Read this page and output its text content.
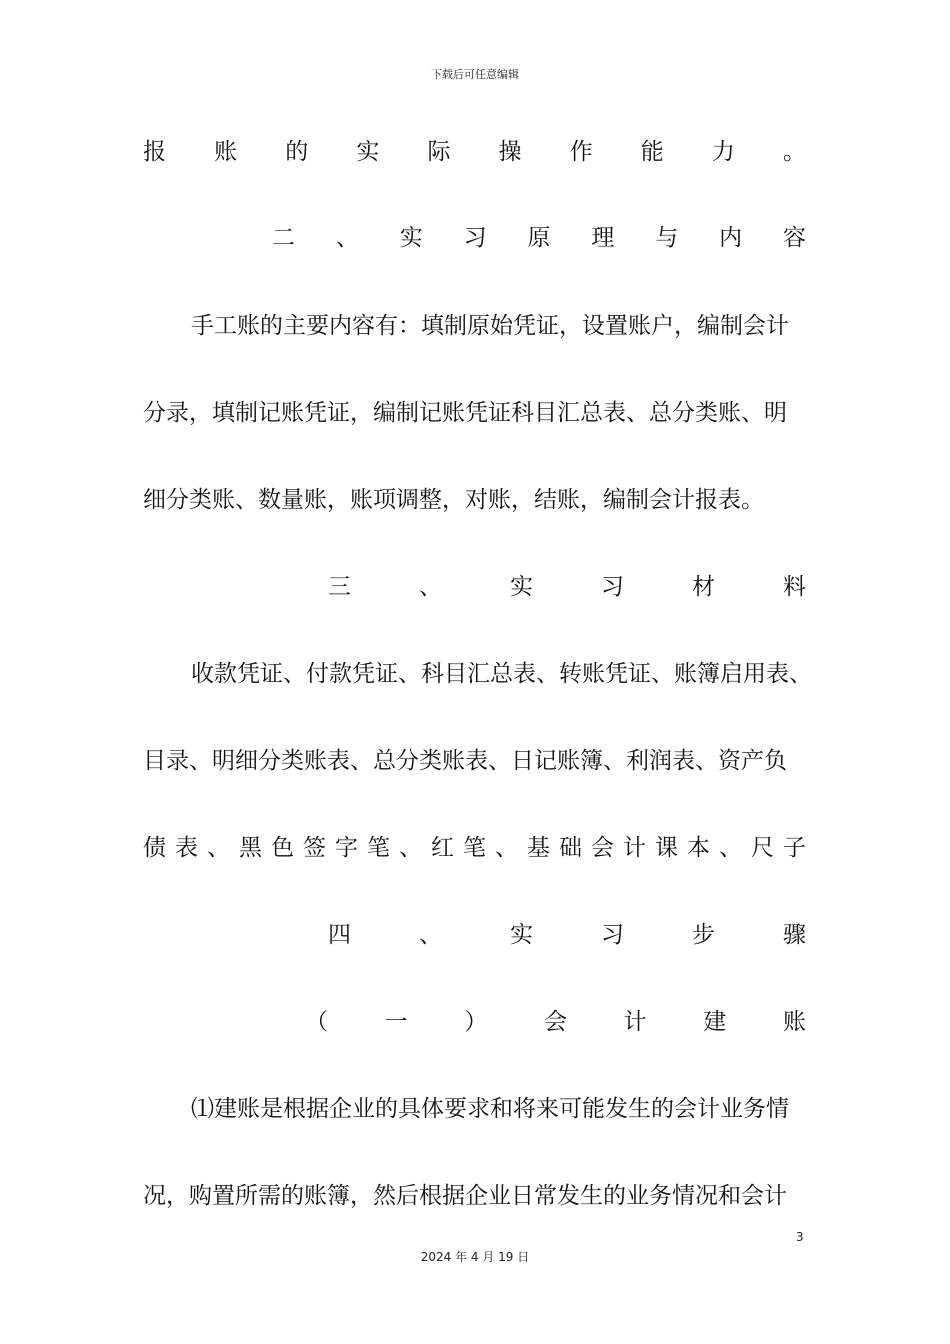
下载后可任意编辑
报 账 的 实 际 操 作 能 力 。
二 、 实 习 原 理 与 内 容
手工账的主要内容有：填制原始凭证，设置账户，编制会计
分录，填制记账凭证，编制记账凭证科目汇总表、总分类账、明
细分类账、数量账，账项调整，对账，结账，编制会计报表。
三	、	实	习	材	料
收款凭证、付款凭证、科目汇总表、转账凭证、账簿启用表、
目录、明细分类账表、总分类账表、日记账簿、利润表、资产负
债 表 、 黑 色 签 字 笔 、 红 笔 、 基 础 会 计 课 本 、 尺 子
四	、	实	习	步	骤
（ 一 ） 会 计 建 账
⑴建账是根据企业的具体要求和将来可能发生的会计业务情
况，购置所需的账簿，然后根据企业日常发生的业务情况和会计
3
2024 年 4 月 19 日
